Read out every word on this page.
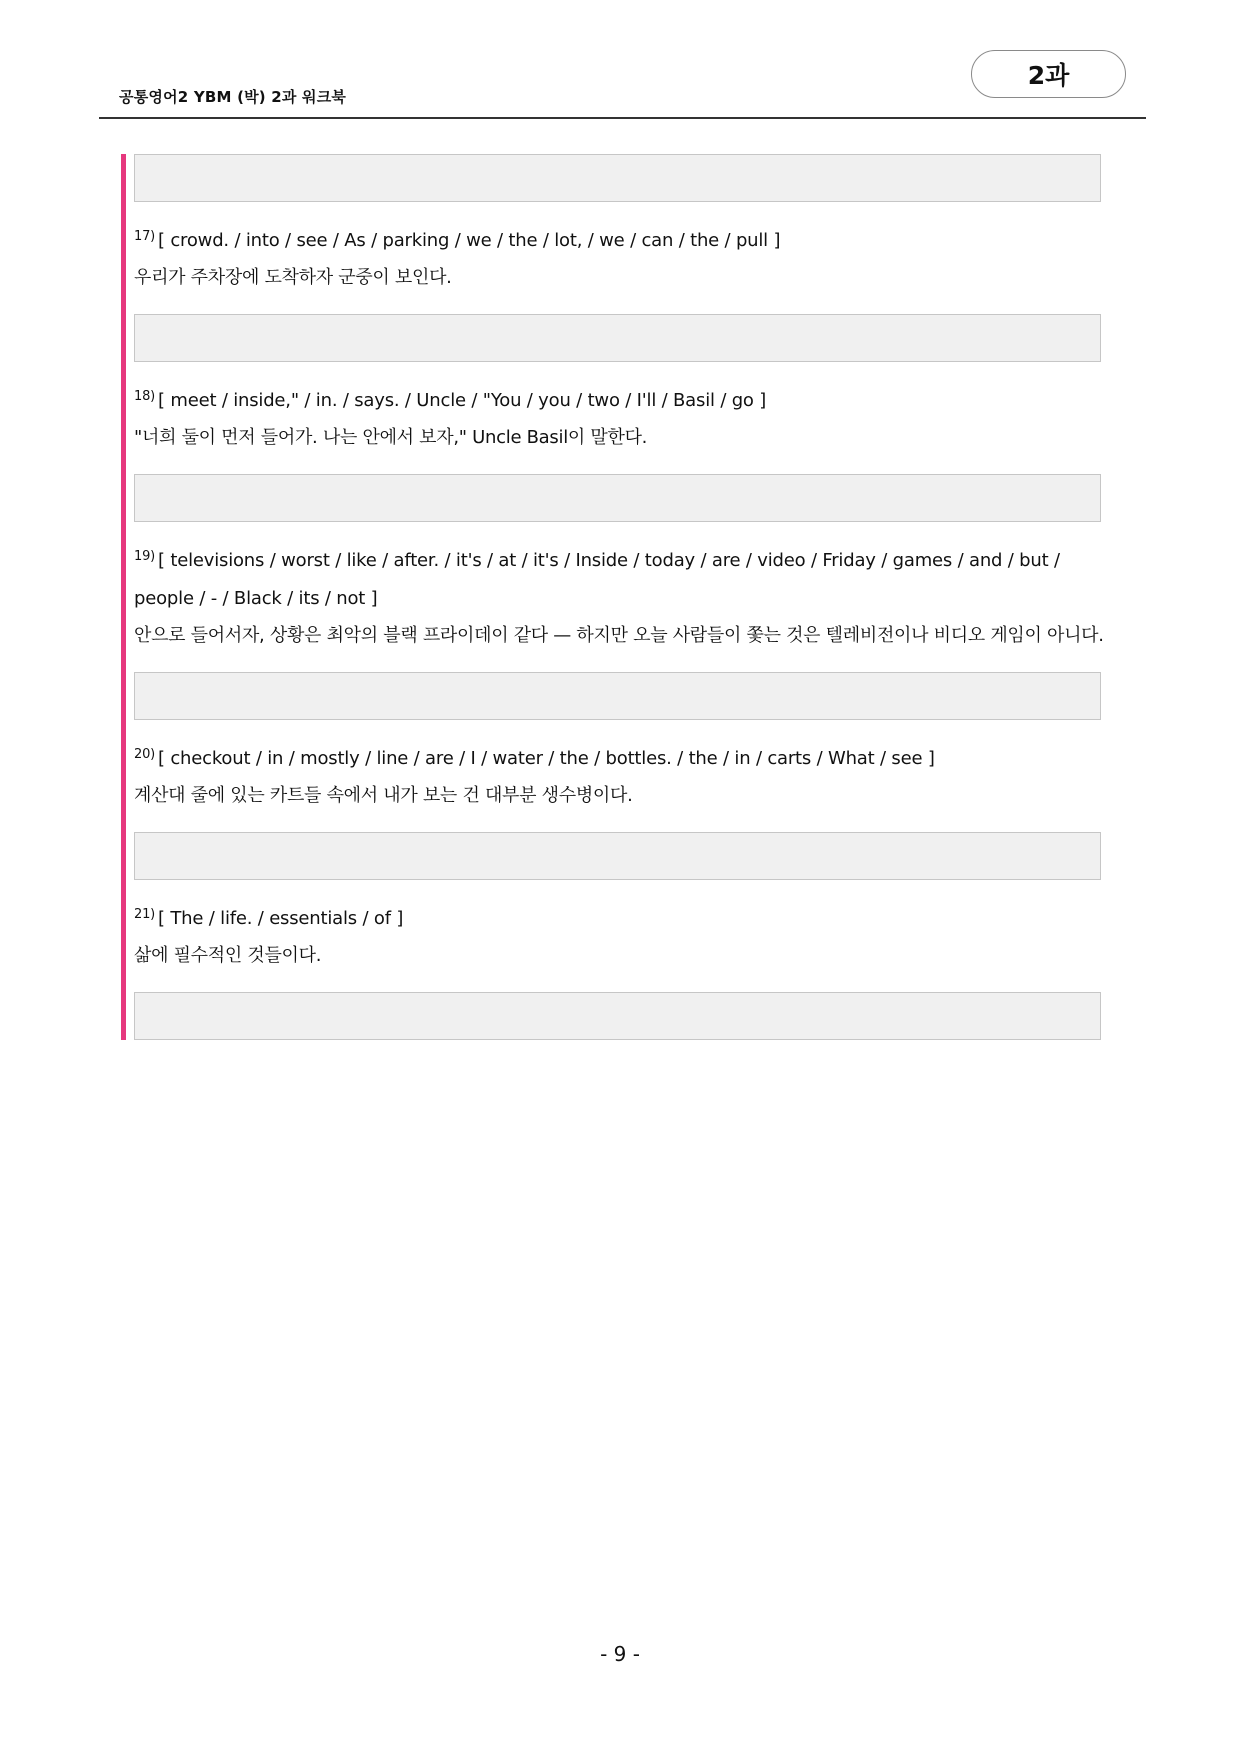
공통영어2 YBM (박) 2과 워크북
2과
$^{17)}$ [ crowd. / into / see / As / parking / we / the / lot, / we / can / the / pull ]
우리가 주차장에 도착하자 군중이 보인다.
$^{18)}$ [ meet / inside," / in. / says. / Uncle / "You / you / two / I'll / Basil / go ]
"너희 둘이 먼저 들어가. 나는 안에서 보자," Uncle Basil이 말한다.
$^{19)}$ [ televisions / worst / like / after. / it's / at / it's / Inside / today / are / video / Friday / games / and / but / people / - / Black / its / not ]
안으로 들어서자, 상황은 최악의 블랙 프라이데이 같다 — 하지만 오늘 사람들이 쫓는 것은 텔레비전이나 비디오 게임이 아니다.
$^{20)}$ [ checkout / in / mostly / line / are / I / water / the / bottles. / the / in / carts / What / see ]
계산대 줄에 있는 카트들 속에서 내가 보는 건 대부분 생수병이다.
$^{21)}$ [ The / life. / essentials / of ]
삶에 필수적인 것들이다.
- 9 -
